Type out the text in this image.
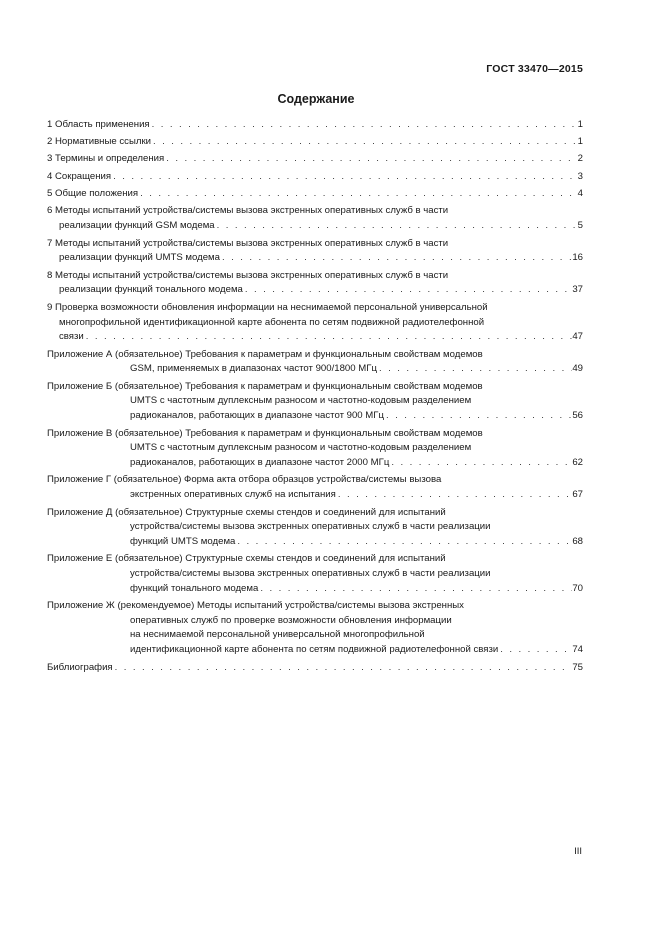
ГОСТ 33470—2015
Содержание
1 Область применения . . .	1
2 Нормативные ссылки . . .	1
3 Термины и определения . . .	2
4 Сокращения . . .	3
5 Общие положения . . .	4
6 Методы испытаний устройства/системы вызова экстренных оперативных служб в части
реализации функций GSM модема . . .	5
7 Методы испытаний устройства/системы вызова экстренных оперативных служб в части
реализации функций UMTS модема . . .	16
8 Методы испытаний устройства/системы вызова экстренных оперативных служб в части
реализации функций тонального модема . . .	37
9 Проверка возможности обновления информации на неснимаемой персональной универсальной
многопрофильной идентификационной карте абонента по сетям подвижной радиотелефонной
связи . . .	47
Приложение А (обязательное) Требования к параметрам и функциональным свойствам модемов
GSM, применяемых в диапазонах частот 900/1800 МГц . . .	49
Приложение Б (обязательное) Требования к параметрам и функциональным свойствам модемов
UMTS с частотным дуплексным разносом и частотно-кодовым разделением
радиоканалов, работающих в диапазоне частот 900 МГц . . .	56
Приложение В (обязательное) Требования к параметрам и функциональным свойствам модемов
UMTS с частотным дуплексным разносом и частотно-кодовым разделением
радиоканалов, работающих в диапазоне частот 2000 МГц . . .	62
Приложение Г (обязательное) Форма акта отбора образцов устройства/системы вызова
экстренных оперативных служб на испытания . . .	67
Приложение Д (обязательное) Структурные схемы стендов и соединений для испытаний
устройства/системы вызова экстренных оперативных служб в части реализации
функций UMTS модема . . .	68
Приложение Е (обязательное) Структурные схемы стендов и соединений для испытаний
устройства/системы вызова экстренных оперативных служб в части реализации
функций тонального модема . . .	70
Приложение Ж (рекомендуемое) Методы испытаний устройства/системы вызова экстренных
оперативных служб по проверке возможности обновления информации
на неснимаемой персональной универсальной многопрофильной
идентификационной карте абонента по сетям подвижной радиотелефонной связи . . .	74
Библиография . . .	75
III
